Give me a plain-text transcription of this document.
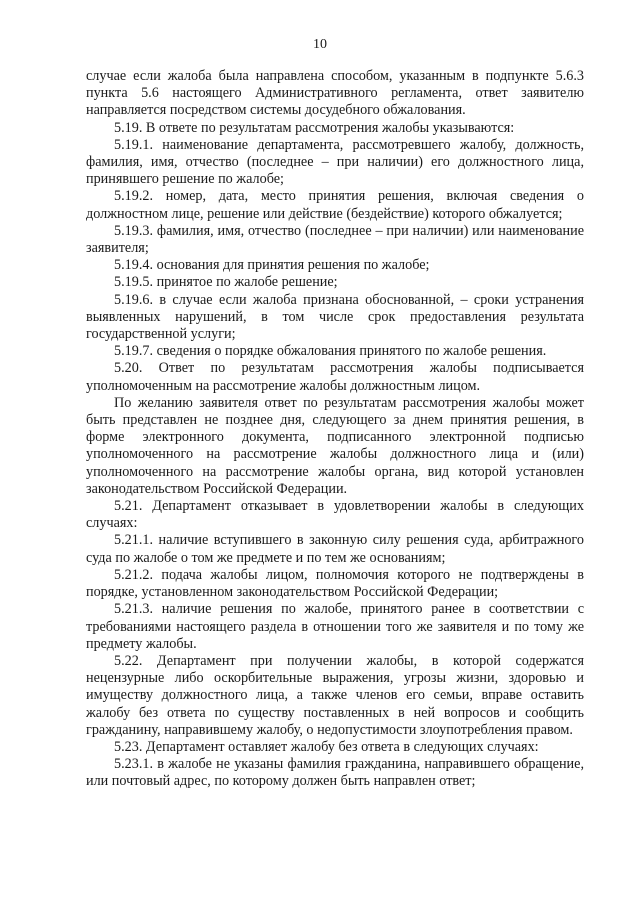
10

случае если жалоба была направлена способом, указанным в подпункте 5.6.3 пункта 5.6 настоящего Административного регламента, ответ заявителю направляется посредством системы досудебного обжалования.

5.19. В ответе по результатам рассмотрения жалобы указываются:

5.19.1. наименование департамента, рассмотревшего жалобу, должность, фамилия, имя, отчество (последнее – при наличии) его должностного лица, принявшего решение по жалобе;

5.19.2. номер, дата, место принятия решения, включая сведения о должностном лице, решение или действие (бездействие) которого обжалуется;

5.19.3. фамилия, имя, отчество (последнее – при наличии) или наименование заявителя;

5.19.4. основания для принятия решения по жалобе;

5.19.5. принятое по жалобе решение;

5.19.6. в случае если жалоба признана обоснованной, – сроки устранения выявленных нарушений, в том числе срок предоставления результата государственной услуги;

5.19.7. сведения о порядке обжалования принятого по жалобе решения.

5.20. Ответ по результатам рассмотрения жалобы подписывается уполномоченным на рассмотрение жалобы должностным лицом.

По желанию заявителя ответ по результатам рассмотрения жалобы может быть представлен не позднее дня, следующего за днем принятия решения, в форме электронного документа, подписанного электронной подписью уполномоченного на рассмотрение жалобы должностного лица и (или) уполномоченного на рассмотрение жалобы органа, вид которой установлен законодательством Российской Федерации.

5.21. Департамент отказывает в удовлетворении жалобы в следующих случаях:

5.21.1. наличие вступившего в законную силу решения суда, арбитражного суда по жалобе о том же предмете и по тем же основаниям;

5.21.2. подача жалобы лицом, полномочия которого не подтверждены в порядке, установленном законодательством Российской Федерации;

5.21.3. наличие решения по жалобе, принятого ранее в соответствии с требованиями настоящего раздела в отношении того же заявителя и по тому же предмету жалобы.

5.22. Департамент при получении жалобы, в которой содержатся нецензурные либо оскорбительные выражения, угрозы жизни, здоровью и имуществу должностного лица, а также членов его семьи, вправе оставить жалобу без ответа по существу поставленных в ней вопросов и сообщить гражданину, направившему жалобу, о недопустимости злоупотребления правом.

5.23. Департамент оставляет жалобу без ответа в следующих случаях:

5.23.1. в жалобе не указаны фамилия гражданина, направившего обращение, или почтовый адрес, по которому должен быть направлен ответ;
